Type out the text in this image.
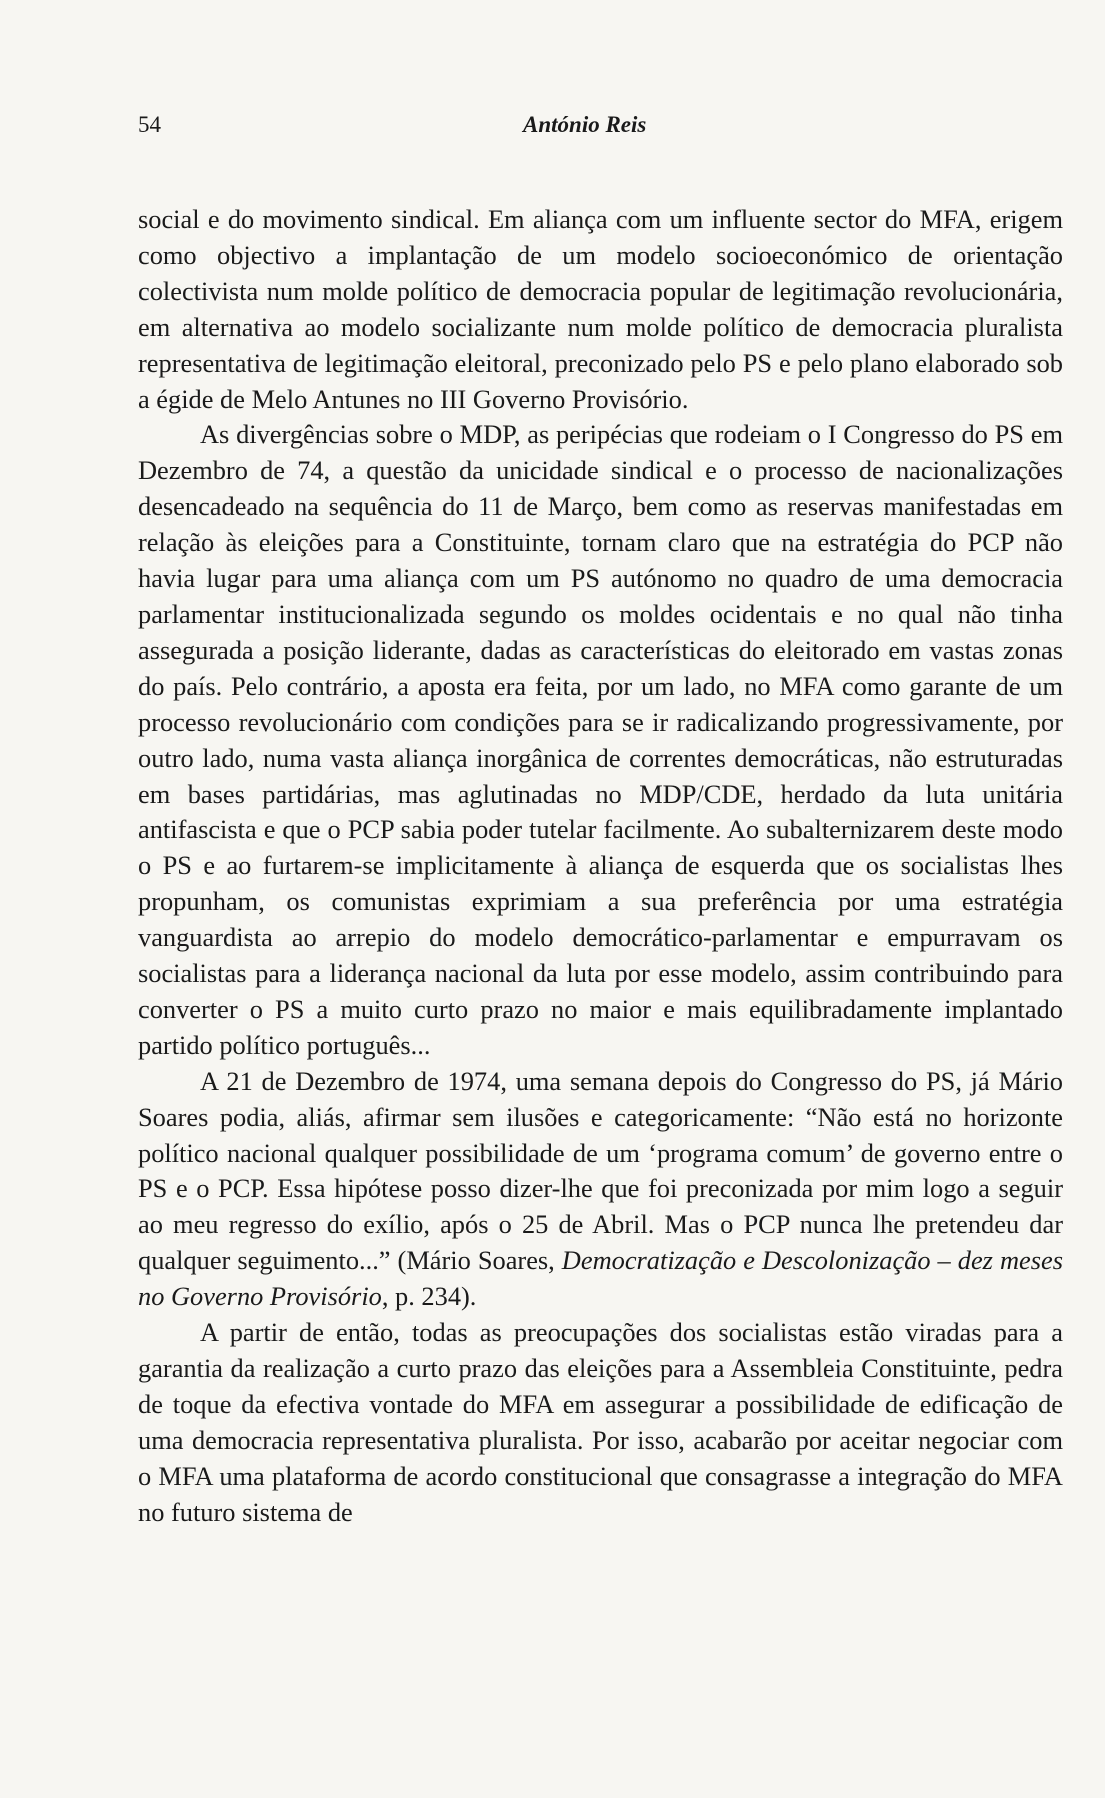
54	António Reis

social e do movimento sindical. Em aliança com um influente sector do MFA, erigem como objectivo a implantação de um modelo socioeconómico de orientação colectivista num molde político de democracia popular de legitimação revolucionária, em alternativa ao modelo socializante num molde político de democracia pluralista representativa de legitimação eleitoral, preconizado pelo PS e pelo plano elaborado sob a égide de Melo Antunes no III Governo Provisório.

As divergências sobre o MDP, as peripécias que rodeiam o I Congresso do PS em Dezembro de 74, a questão da unicidade sindical e o processo de nacionalizações desencadeado na sequência do 11 de Março, bem como as reservas manifestadas em relação às eleições para a Constituinte, tornam claro que na estratégia do PCP não havia lugar para uma aliança com um PS autónomo no quadro de uma democracia parlamentar institucionalizada segundo os moldes ocidentais e no qual não tinha assegurada a posição liderante, dadas as características do eleitorado em vastas zonas do país. Pelo contrário, a aposta era feita, por um lado, no MFA como garante de um processo revolucionário com condições para se ir radicalizando progressivamente, por outro lado, numa vasta aliança inorgânica de correntes democráticas, não estruturadas em bases partidárias, mas aglutinadas no MDP/CDE, herdado da luta unitária antifascista e que o PCP sabia poder tutelar facilmente. Ao subalternizarem deste modo o PS e ao furtarem-se implicitamente à aliança de esquerda que os socialistas lhes propunham, os comunistas exprimiam a sua preferência por uma estratégia vanguardista ao arrepio do modelo democrático-parlamentar e empurravam os socialistas para a liderança nacional da luta por esse modelo, assim contribuindo para converter o PS a muito curto prazo no maior e mais equilibradamente implantado partido político português...

A 21 de Dezembro de 1974, uma semana depois do Congresso do PS, já Mário Soares podia, aliás, afirmar sem ilusões e categoricamente: “Não está no horizonte político nacional qualquer possibilidade de um ‘programa comum’ de governo entre o PS e o PCP. Essa hipótese posso dizer-lhe que foi preconizada por mim logo a seguir ao meu regresso do exílio, após o 25 de Abril. Mas o PCP nunca lhe pretendeu dar qualquer seguimento...” (Mário Soares, Democratização e Descolonização – dez meses no Governo Provisório, p. 234).

A partir de então, todas as preocupações dos socialistas estão viradas para a garantia da realização a curto prazo das eleições para a Assembleia Constituinte, pedra de toque da efectiva vontade do MFA em assegurar a possibilidade de edificação de uma democracia representativa pluralista. Por isso, acabarão por aceitar negociar com o MFA uma plataforma de acordo constitucional que consagrasse a integração do MFA no futuro sistema de
